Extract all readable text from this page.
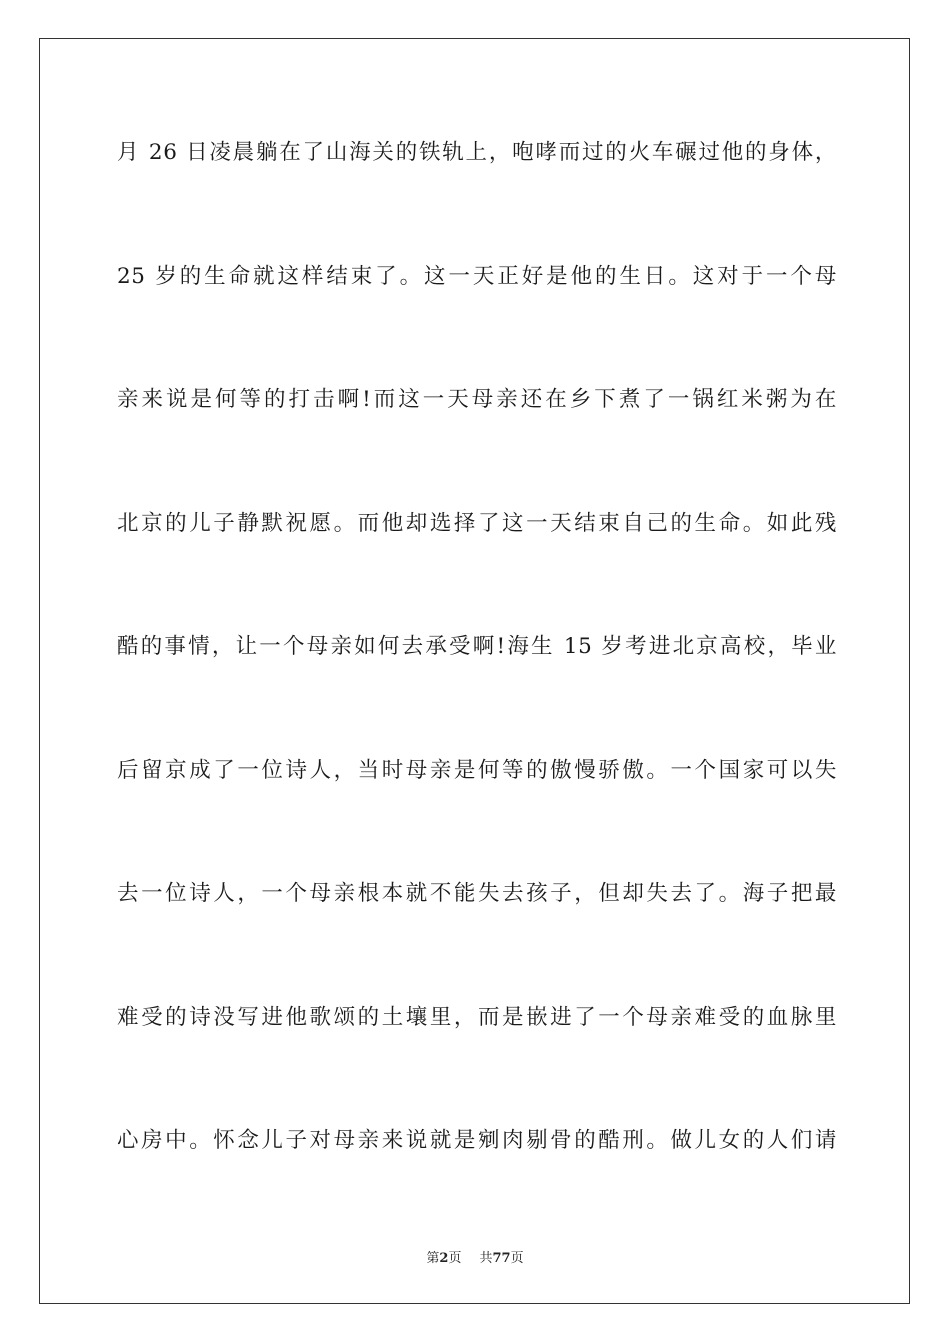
月 26 日凌晨躺在了山海关的铁轨上，咆哮而过的火车碾过他的身体，
25 岁的生命就这样结束了。这一天正好是他的生日。这对于一个母
亲来说是何等的打击啊!而这一天母亲还在乡下煮了一锅红米粥为在
北京的儿子静默祝愿。而他却选择了这一天结束自己的生命。如此残
酷的事情，让一个母亲如何去承受啊!海生 15 岁考进北京高校，毕业
后留京成了一位诗人，当时母亲是何等的傲慢骄傲。一个国家可以失
去一位诗人，一个母亲根本就不能失去孩子，但却失去了。海子把最
难受的诗没写进他歌颂的土壤里，而是嵌进了一个母亲难受的血脉里
心房中。怀念儿子对母亲来说就是剜肉剔骨的酷刑。做儿女的人们请
第2页 共77页
